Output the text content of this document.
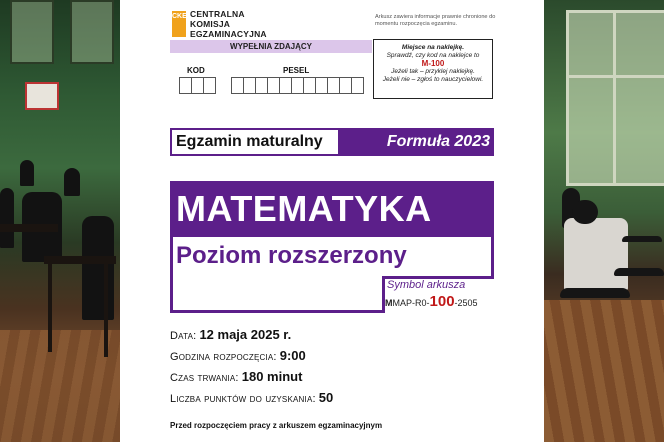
CKE CENTRALNA
KOMISJA
EGZAMINACYJNA
Arkusz zawiera informacje prawnie chronione do momentu rozpoczęcia egzaminu.
WYPEŁNIA ZDAJĄCY
KOD	PESEL
Miejsce na naklejkę.
Sprawdź, czy kod na naklejce to
M-100
Jeżeli tak – przyklej naklejkę.
Jeżeli nie – zgłoś to nauczycielowi.
Egzamin maturalny	Formuła 2023
MATEMATYKA
Poziom rozszerzony
Symbol arkusza
MMAP-R0-100-2505
Data: 12 maja 2025 r.
Godzina rozpoczęcia: 9:00
Czas trwania: 180 minut
Liczba punktów do uzyskania: 50
Przed rozpoczęciem pracy z arkuszem egzaminacyjnym
